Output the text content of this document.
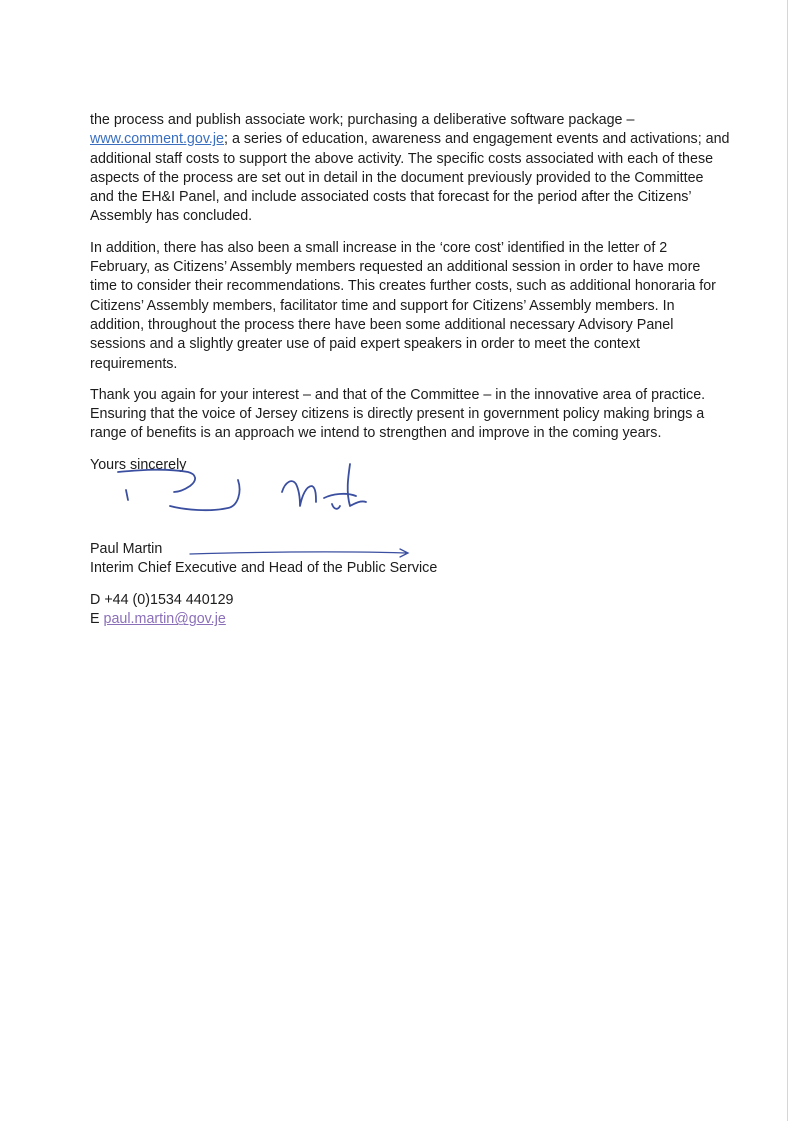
the process and publish associate work; purchasing a deliberative software package – www.comment.gov.je; a series of education, awareness and engagement events and activations; and additional staff costs to support the above activity. The specific costs associated with each of these aspects of the process are set out in detail in the document previously provided to the Committee and the EH&I Panel, and include associated costs that forecast for the period after the Citizens’ Assembly has concluded.

In addition, there has also been a small increase in the ‘core cost’ identified in the letter of 2 February, as Citizens’ Assembly members requested an additional session in order to have more time to consider their recommendations. This creates further costs, such as additional honoraria for Citizens’ Assembly members, facilitator time and support for Citizens’ Assembly members. In addition, throughout the process there have been some additional necessary Advisory Panel sessions and a slightly greater use of paid expert speakers in order to meet the context requirements.

Thank you again for your interest – and that of the Committee – in the innovative area of practice. Ensuring that the voice of Jersey citizens is directly present in government policy making brings a range of benefits is an approach we intend to strengthen and improve in the coming years.

Yours sincerely

Paul Martin
Interim Chief Executive and Head of the Public Service
D +44 (0)1534 440129
E paul.martin@gov.je
